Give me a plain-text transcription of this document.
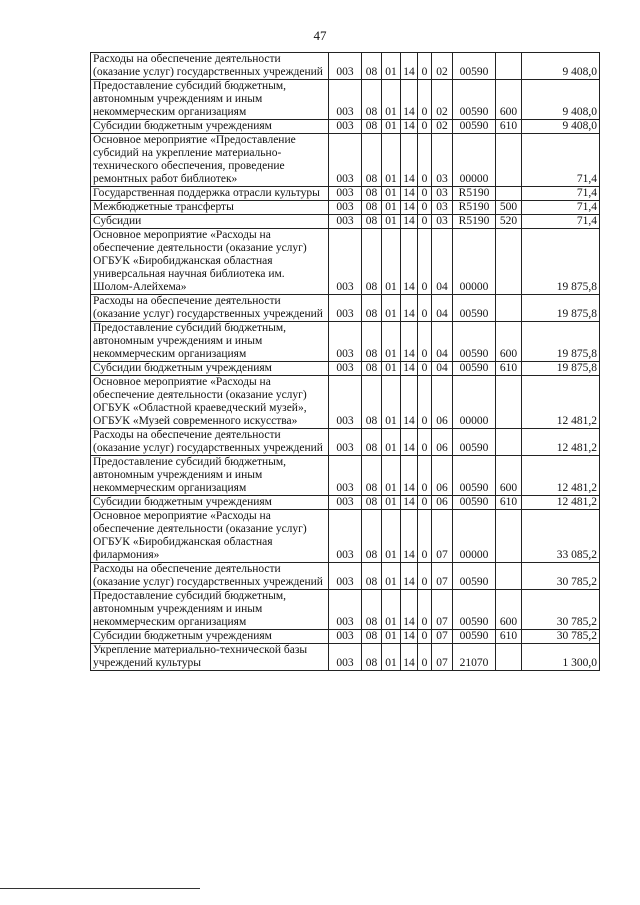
47
Расходы на обеспечение деятельности (оказание услуг) государственных учреждений	003	08	01	14	0	02	00590		9 408,0
Предоставление субсидий бюджетным, автономным учреждениям и иным некоммерческим организациям	003	08	01	14	0	02	00590	600	9 408,0
Субсидии бюджетным учреждениям	003	08	01	14	0	02	00590	610	9 408,0
Основное мероприятие «Предоставление субсидий на укрепление материально-технического обеспечения, проведение ремонтных работ библиотек»	003	08	01	14	0	03	00000		71,4
Государственная поддержка отрасли культуры	003	08	01	14	0	03	R5190		71,4
Межбюджетные трансферты	003	08	01	14	0	03	R5190	500	71,4
Субсидии	003	08	01	14	0	03	R5190	520	71,4
Основное мероприятие «Расходы на обеспечение деятельности (оказание услуг) ОГБУК «Биробиджанская областная универсальная научная библиотека им. Шолом-Алейхема»	003	08	01	14	0	04	00000		19 875,8
Расходы на обеспечение деятельности (оказание услуг) государственных учреждений	003	08	01	14	0	04	00590		19 875,8
Предоставление субсидий бюджетным, автономным учреждениям и иным некоммерческим организациям	003	08	01	14	0	04	00590	600	19 875,8
Субсидии бюджетным учреждениям	003	08	01	14	0	04	00590	610	19 875,8
Основное мероприятие «Расходы на обеспечение деятельности (оказание услуг) ОГБУК «Областной краеведческий музей», ОГБУК «Музей современного искусства»	003	08	01	14	0	06	00000		12 481,2
Расходы на обеспечение деятельности (оказание услуг) государственных учреждений	003	08	01	14	0	06	00590		12 481,2
Предоставление субсидий бюджетным, автономным учреждениям и иным некоммерческим организациям	003	08	01	14	0	06	00590	600	12 481,2
Субсидии бюджетным учреждениям	003	08	01	14	0	06	00590	610	12 481,2
Основное мероприятие «Расходы на обеспечение деятельности (оказание услуг) ОГБУК «Биробиджанская областная филармония»	003	08	01	14	0	07	00000		33 085,2
Расходы на обеспечение деятельности (оказание услуг) государственных учреждений	003	08	01	14	0	07	00590		30 785,2
Предоставление субсидий бюджетным, автономным учреждениям и иным некоммерческим организациям	003	08	01	14	0	07	00590	600	30 785,2
Субсидии бюджетным учреждениям	003	08	01	14	0	07	00590	610	30 785,2
Укрепление материально-технической базы учреждений культуры	003	08	01	14	0	07	21070		1 300,0
